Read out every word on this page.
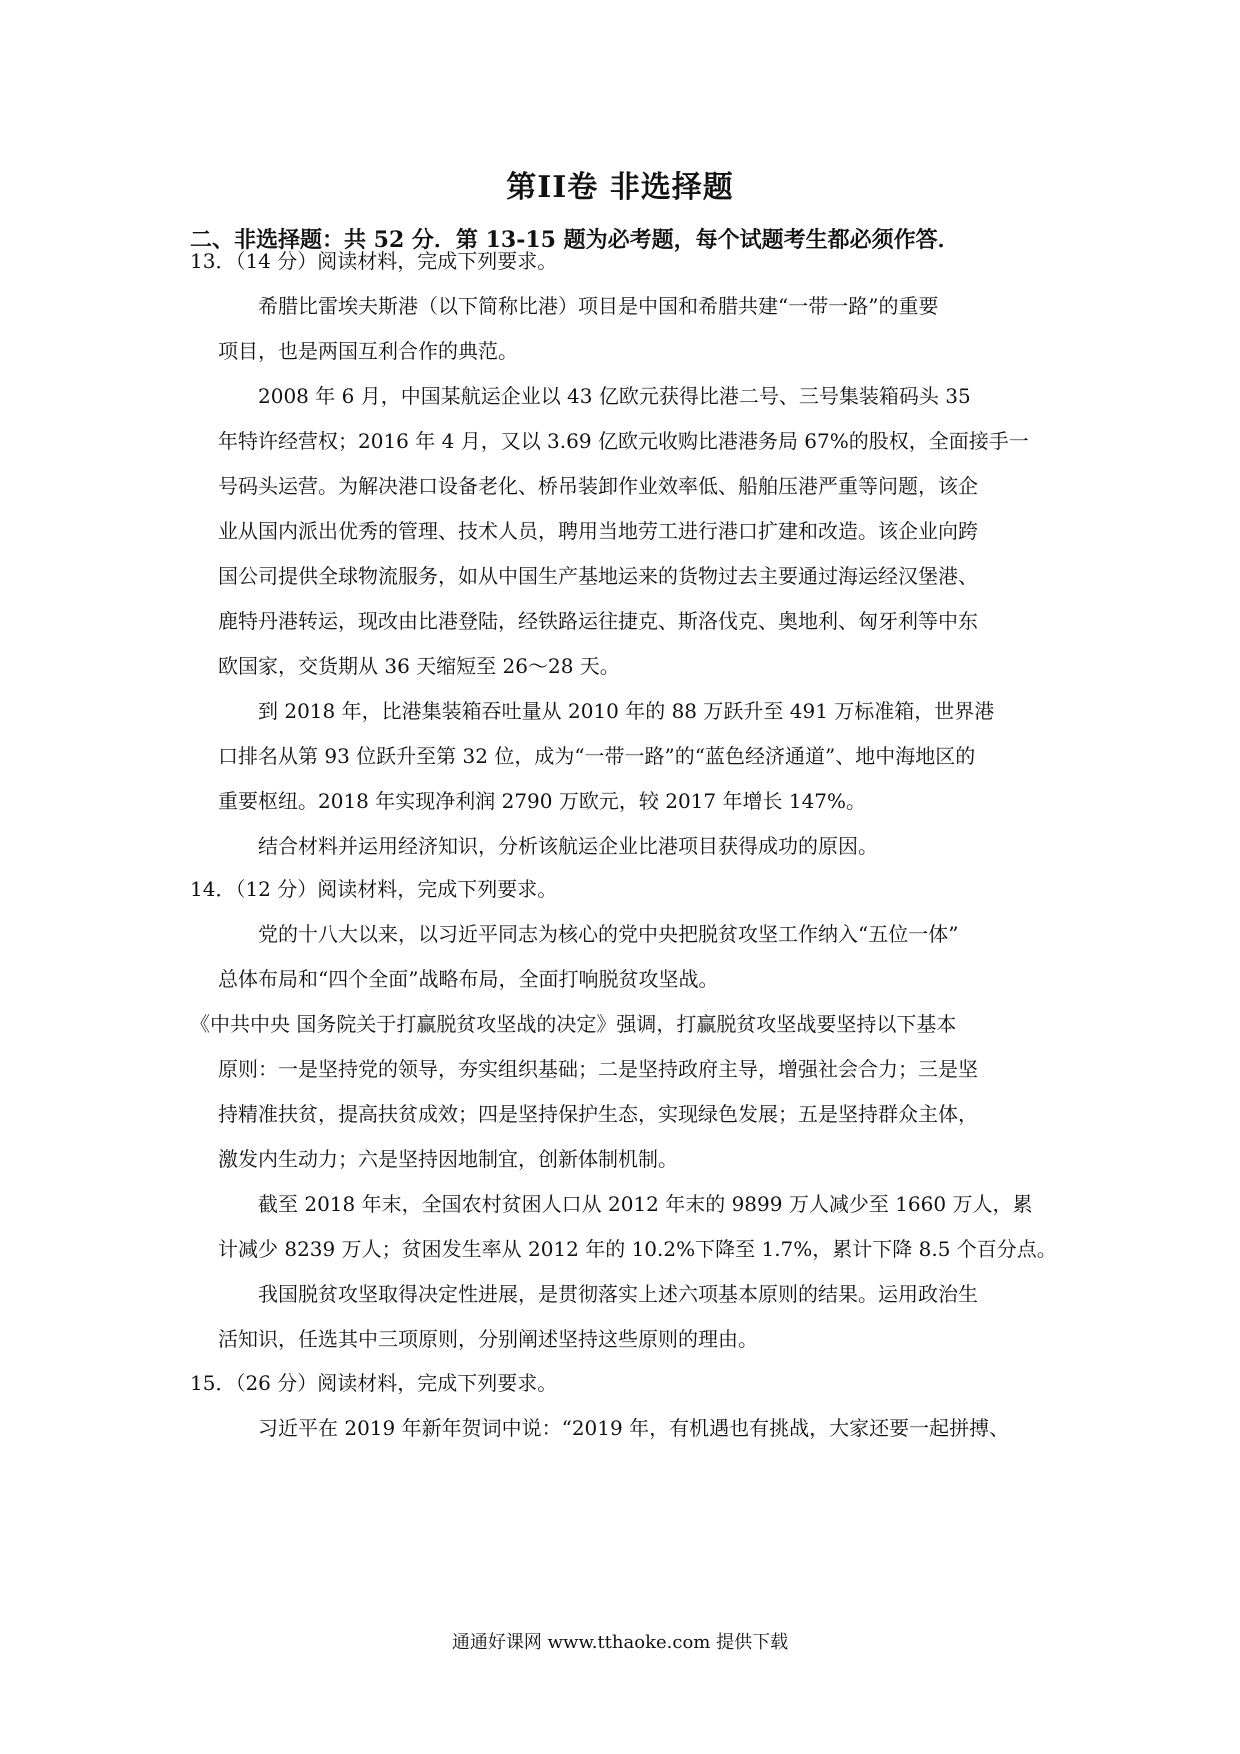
第II卷 非选择题
二、非选择题：共 52 分．第 13-15 题为必考题，每个试题考生都必须作答．
13．（14 分）阅读材料，完成下列要求。
希腊比雷埃夫斯港（以下简称比港）项目是中国和希腊共建“一带一路”的重要
项目，也是两国互利合作的典范。
2008 年 6 月，中国某航运企业以 43 亿欧元获得比港二号、三号集装箱码头 35
年特许经营权；2016 年 4 月，又以 3.69 亿欧元收购比港港务局 67%的股权，全面接手一
号码头运营。为解决港口设备老化、桥吊装卸作业效率低、船舶压港严重等问题，该企
业从国内派出优秀的管理、技术人员，聘用当地劳工进行港口扩建和改造。该企业向跨
国公司提供全球物流服务，如从中国生产基地运来的货物过去主要通过海运经汉堡港、
鹿特丹港转运，现改由比港登陆，经铁路运往捷克、斯洛伐克、奥地利、匈牙利等中东
欧国家，交货期从 36 天缩短至 26～28 天。
到 2018 年，比港集装箱吞吐量从 2010 年的 88 万跃升至 491 万标准箱，世界港
口排名从第 93 位跃升至第 32 位，成为“一带一路”的“蓝色经济通道”、地中海地区的
重要枢纽。2018 年实现净利润 2790 万欧元，较 2017 年增长 147%。
结合材料并运用经济知识，分析该航运企业比港项目获得成功的原因。
14．（12 分）阅读材料，完成下列要求。
党的十八大以来，以习近平同志为核心的党中央把脱贫攻坚工作纳入“五位一体”
总体布局和“四个全面”战略布局，全面打响脱贫攻坚战。
《中共中央 国务院关于打赢脱贫攻坚战的决定》强调，打赢脱贫攻坚战要坚持以下基本
原则：一是坚持党的领导，夯实组织基础；二是坚持政府主导，增强社会合力；三是坚
持精准扶贫，提高扶贫成效；四是坚持保护生态，实现绿色发展；五是坚持群众主体，
激发内生动力；六是坚持因地制宜，创新体制机制。
截至 2018 年末，全国农村贫困人口从 2012 年末的 9899 万人减少至 1660 万人，累
计减少 8239 万人；贫困发生率从 2012 年的 10.2%下降至 1.7%，累计下降 8.5 个百分点。
我国脱贫攻坚取得决定性进展，是贯彻落实上述六项基本原则的结果。运用政治生
活知识，任选其中三项原则，分别阐述坚持这些原则的理由。
15．（26 分）阅读材料，完成下列要求。
习近平在 2019 年新年贺词中说：“2019 年，有机遇也有挑战，大家还要一起拼搏、
通通好课网 www.tthaoke.com 提供下载
